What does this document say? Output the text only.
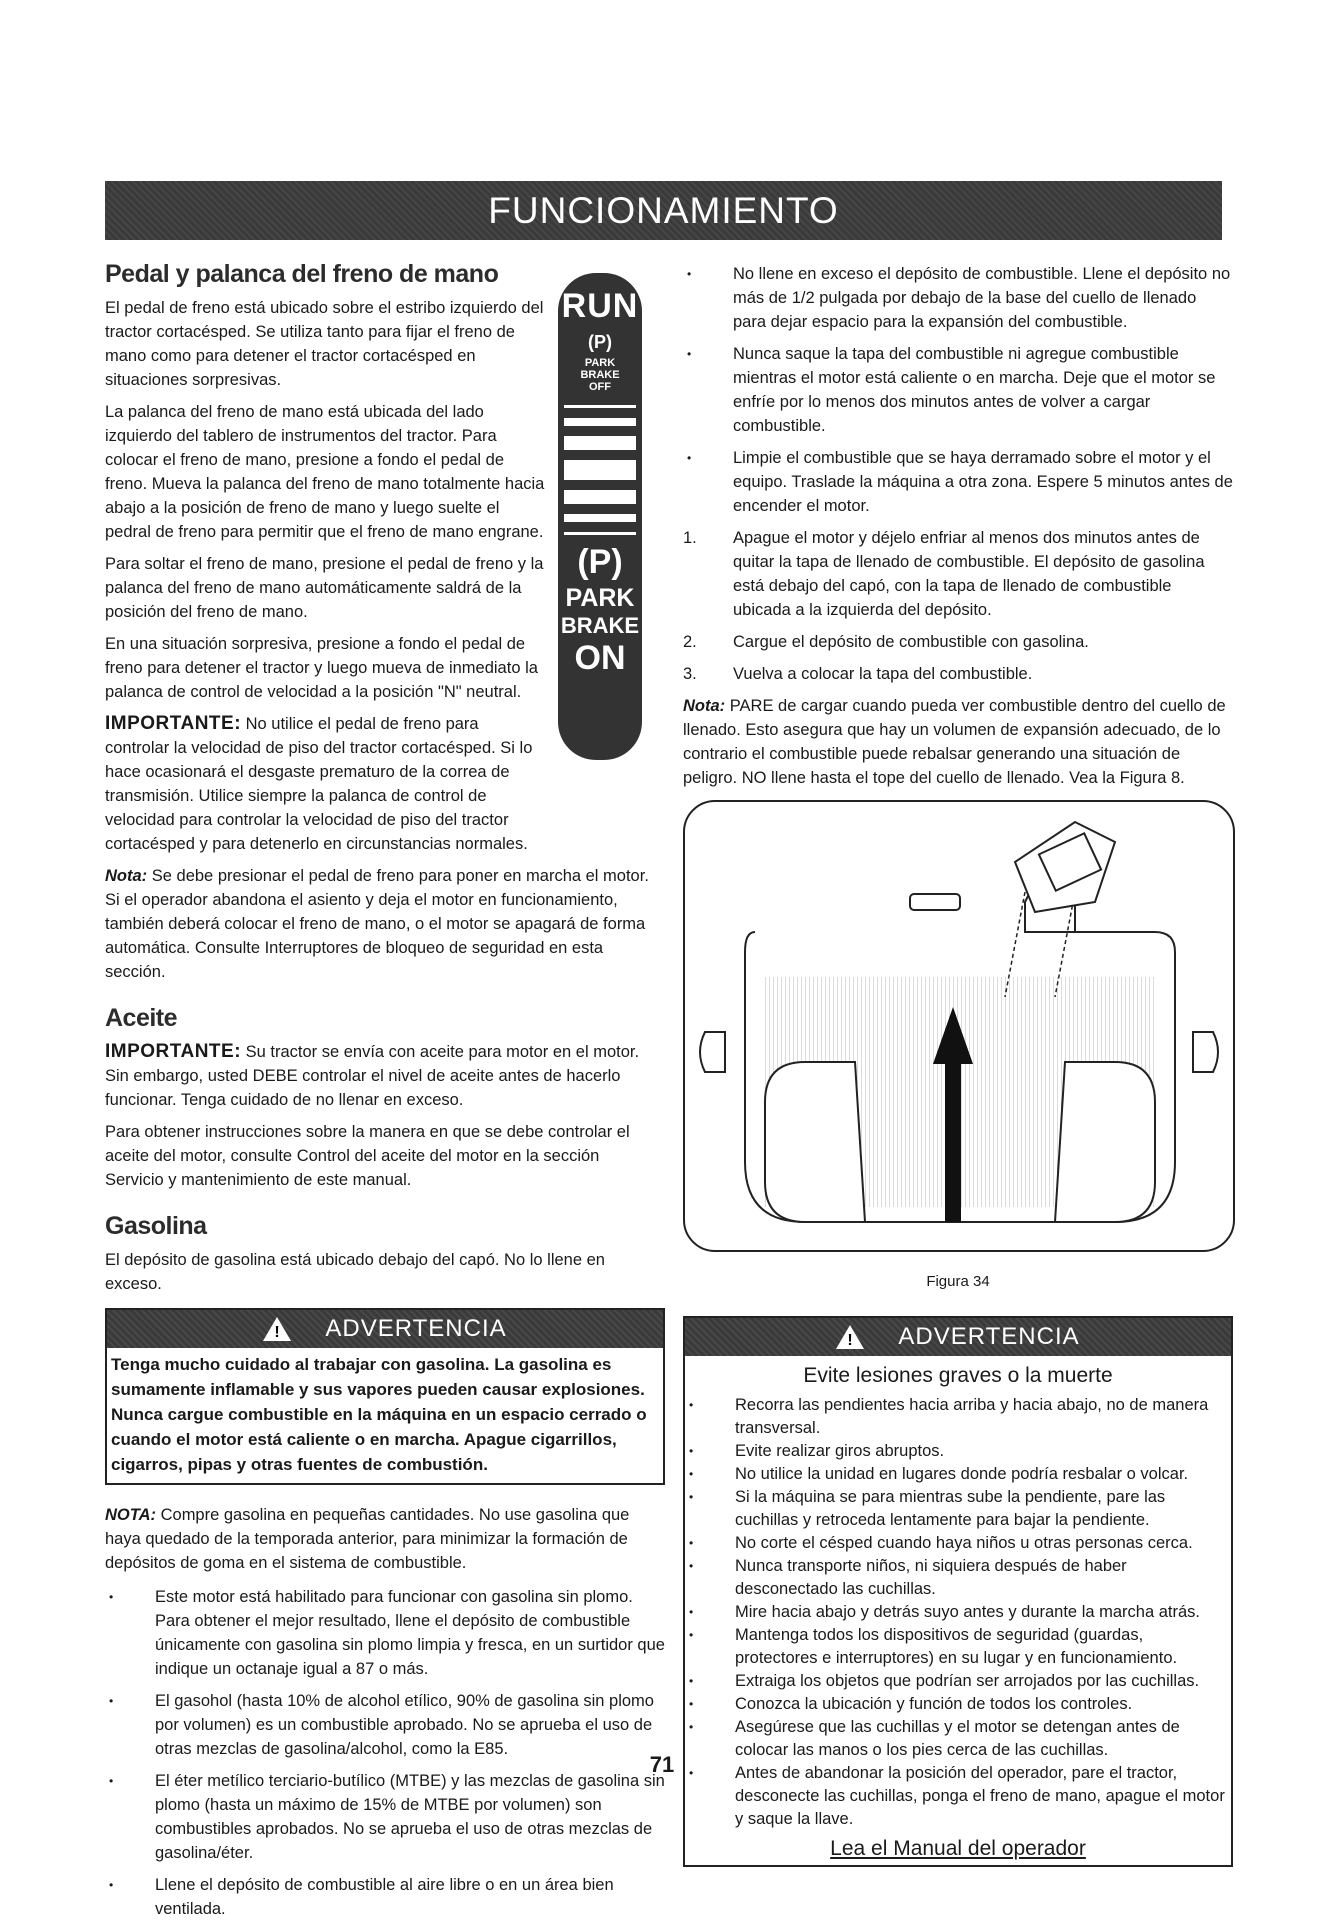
FUNCIONAMIENTO
Pedal y palanca del freno de mano

El pedal de freno está ubicado sobre el estribo izquierdo del tractor cortacésped. Se utiliza tanto para fijar el freno de mano como para detener el tractor cortacésped en situaciones sorpresivas.

La palanca del freno de mano está ubicada del lado izquierdo del tablero de instrumentos del tractor. Para colocar el freno de mano, presione a fondo el pedal de freno. Mueva la palanca del freno de mano totalmente hacia abajo a la posición de freno de mano y luego suelte el pedral de freno para permitir que el freno de mano engrane.

Para soltar el freno de mano, presione el pedal de freno y la palanca del freno de mano automáticamente saldrá de la posición del freno de mano.

En una situación sorpresiva, presione a fondo el pedal de freno para detener el tractor y luego mueva de inmediato la palanca de control de velocidad a la posición "N" neutral.

IMPORTANTE: No utilice el pedal de freno para controlar la velocidad de piso del tractor cortacésped. Si lo hace ocasionará el desgaste prematuro de la correa de transmisión. Utilice siempre la palanca de control de velocidad para controlar la velocidad de piso del tractor cortacésped y para detenerlo en circunstancias normales.

Nota: Se debe presionar el pedal de freno para poner en marcha el motor. Si el operador abandona el asiento y deja el motor en funcionamiento, también deberá colocar el freno de mano, o el motor se apagará de forma automática. Consulte Interruptores de bloqueo de seguridad en esta sección.

Aceite

IMPORTANTE: Su tractor se envía con aceite para motor en el motor. Sin embargo, usted DEBE controlar el nivel de aceite antes de hacerlo funcionar. Tenga cuidado de no llenar en exceso.

Para obtener instrucciones sobre la manera en que se debe controlar el aceite del motor, consulte Control del aceite del motor en la sección Servicio y mantenimiento de este manual.

Gasolina

El depósito de gasolina está ubicado debajo del capó. No lo llene en exceso.

! ADVERTENCIA
Tenga mucho cuidado al trabajar con gasolina. La gasolina es sumamente inflamable y sus vapores pueden causar explosiones. Nunca cargue combustible en la máquina en un espacio cerrado o cuando el motor está caliente o en marcha. Apague cigarrillos, cigarros, pipas y otras fuentes de combustión.

NOTA: Compre gasolina en pequeñas cantidades. No use gasolina que haya quedado de la temporada anterior, para minimizar la formación de depósitos de goma en el sistema de combustible.

• Este motor está habilitado para funcionar con gasolina sin plomo. Para obtener el mejor resultado, llene el depósito de combustible únicamente con gasolina sin plomo limpia y fresca, en un surtidor que indique un octanaje igual a 87 o más.
• El gasohol (hasta 10% de alcohol etílico, 90% de gasolina sin plomo por volumen) es un combustible aprobado. No se aprueba el uso de otras mezclas de gasolina/alcohol, como la E85.
• El éter metílico terciario-butílico (MTBE) y las mezclas de gasolina sin plomo (hasta un máximo de 15% de MTBE por volumen) son combustibles aprobados. No se aprueba el uso de otras mezclas de gasolina/éter.
• Llene el depósito de combustible al aire libre o en un área bien ventilada.
RUN
(P)
PARK
BRAKE
OFF
(P)
PARK
BRAKE
ON
• No llene en exceso el depósito de combustible. Llene el depósito no más de 1/2 pulgada por debajo de la base del cuello de llenado para dejar espacio para la expansión del combustible.
• Nunca saque la tapa del combustible ni agregue combustible mientras el motor está caliente o en marcha. Deje que el motor se enfríe por lo menos dos minutos antes de volver a cargar combustible.
• Limpie el combustible que se haya derramado sobre el motor y el equipo. Traslade la máquina a otra zona. Espere 5 minutos antes de encender el motor.
1. Apague el motor y déjelo enfriar al menos dos minutos antes de quitar la tapa de llenado de combustible. El depósito de gasolina está debajo del capó, con la tapa de llenado de combustible ubicada a la izquierda del depósito.
2. Cargue el depósito de combustible con gasolina.
3. Vuelva a colocar la tapa del combustible.

Nota: PARE de cargar cuando pueda ver combustible dentro del cuello de llenado. Esto asegura que hay un volumen de expansión adecuado, de lo contrario el combustible puede rebalsar generando una situación de peligro. NO llene hasta el tope del cuello de llenado. Vea la Figura 8.

Figura 34
! ADVERTENCIA
Evite lesiones graves o la muerte
• Recorra las pendientes hacia arriba y hacia abajo, no de manera transversal.
• Evite realizar giros abruptos.
• No utilice la unidad en lugares donde podría resbalar o volcar.
• Si la máquina se para mientras sube la pendiente, pare las cuchillas y retroceda lentamente para bajar la pendiente.
• No corte el césped cuando haya niños u otras personas cerca.
• Nunca transporte niños, ni siquiera después de haber desconectado las cuchillas.
• Mire hacia abajo y detrás suyo antes y durante la marcha atrás.
• Mantenga todos los dispositivos de seguridad (guardas, protectores e interruptores) en su lugar y en funcionamiento.
• Extraiga los objetos que podrían ser arrojados por las cuchillas.
• Conozca la ubicación y función de todos los controles.
• Asegúrese que las cuchillas y el motor se detengan antes de colocar las manos o los pies cerca de las cuchillas.
• Antes de abandonar la posición del operador, pare el tractor, desconecte las cuchillas, ponga el freno de mano, apague el motor y saque la llave.
Lea el Manual del operador
71
